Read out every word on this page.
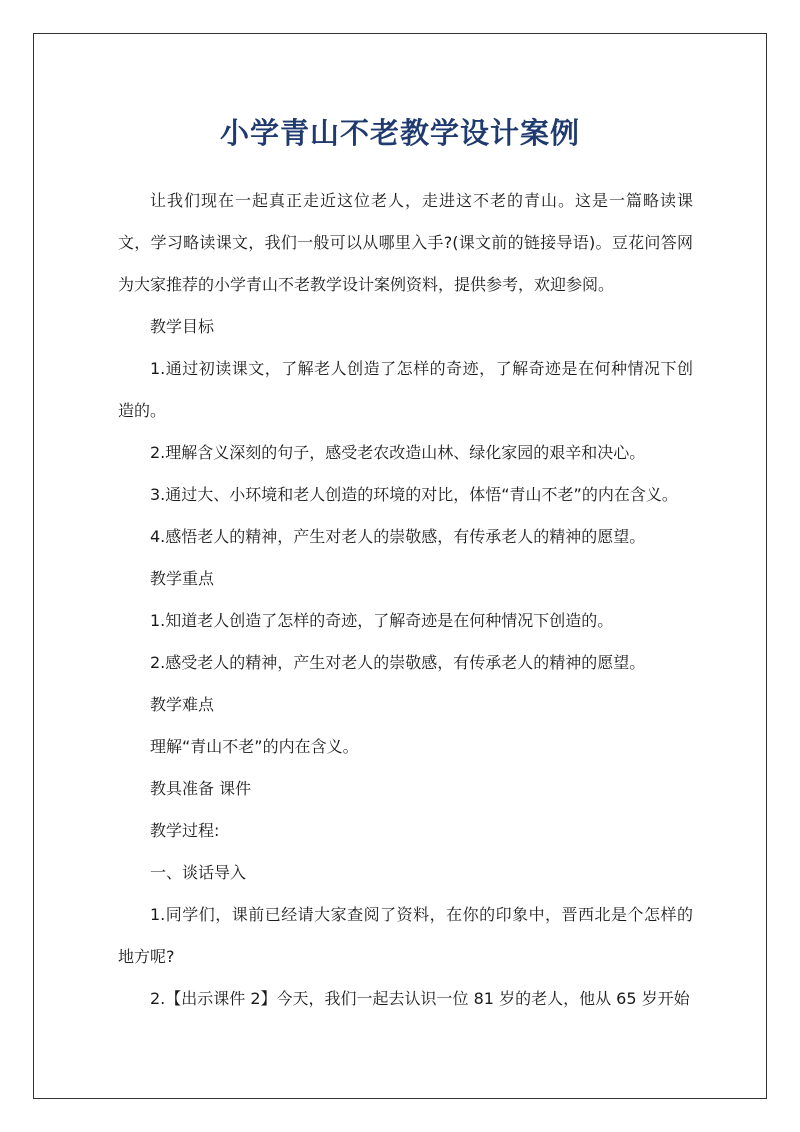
小学青山不老教学设计案例

让我们现在一起真正走近这位老人，走进这不老的青山。这是一篇略读课文，学习略读课文，我们一般可以从哪里入手?(课文前的链接导语)。豆花问答网为大家推荐的小学青山不老教学设计案例资料，提供参考，欢迎参阅。

教学目标

1.通过初读课文，了解老人创造了怎样的奇迹，了解奇迹是在何种情况下创造的。

2.理解含义深刻的句子，感受老农改造山林、绿化家园的艰辛和决心。

3.通过大、小环境和老人创造的环境的对比，体悟“青山不老”的内在含义。

4.感悟老人的精神，产生对老人的崇敬感，有传承老人的精神的愿望。

教学重点

1.知道老人创造了怎样的奇迹，了解奇迹是在何种情况下创造的。

2.感受老人的精神，产生对老人的崇敬感，有传承老人的精神的愿望。

教学难点

理解“青山不老”的内在含义。

教具准备 课件

教学过程:

一、谈话导入

1.同学们，课前已经请大家查阅了资料，在你的印象中，晋西北是个怎样的地方呢?

2.【出示课件 2】今天，我们一起去认识一位 81 岁的老人，他从 65 岁开始
